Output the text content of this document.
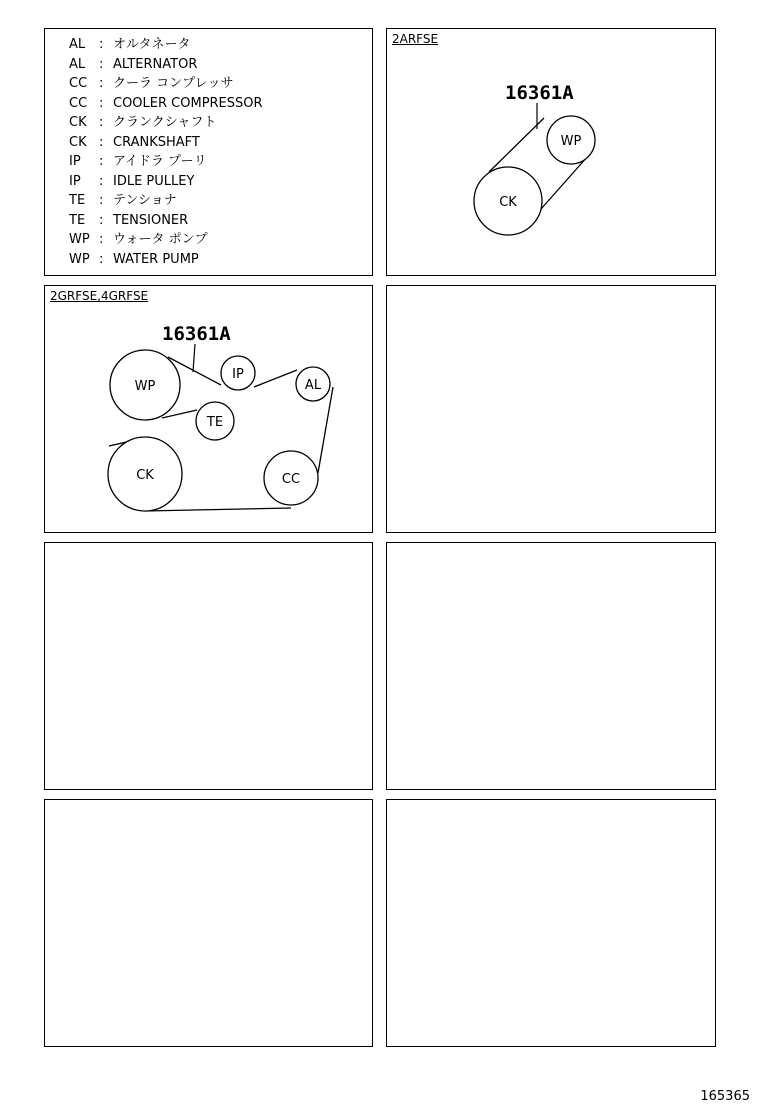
AL : オルタネータ
AL : ALTERNATOR
CC : クーラ コンプレッサ
CC : COOLER COMPRESSOR
CK : クランクシャフト
CK : CRANKSHAFT
IP : アイドラ プーリ
IP : IDLE PULLEY
TE : テンショナ
TE : TENSIONER
WP : ウォータ ポンプ
WP : WATER PUMP
2ARFSE
WP
CK
16361A
2GRFSE,4GRFSE
WP
IP
AL
TE
CK	CC
16361A
165365
